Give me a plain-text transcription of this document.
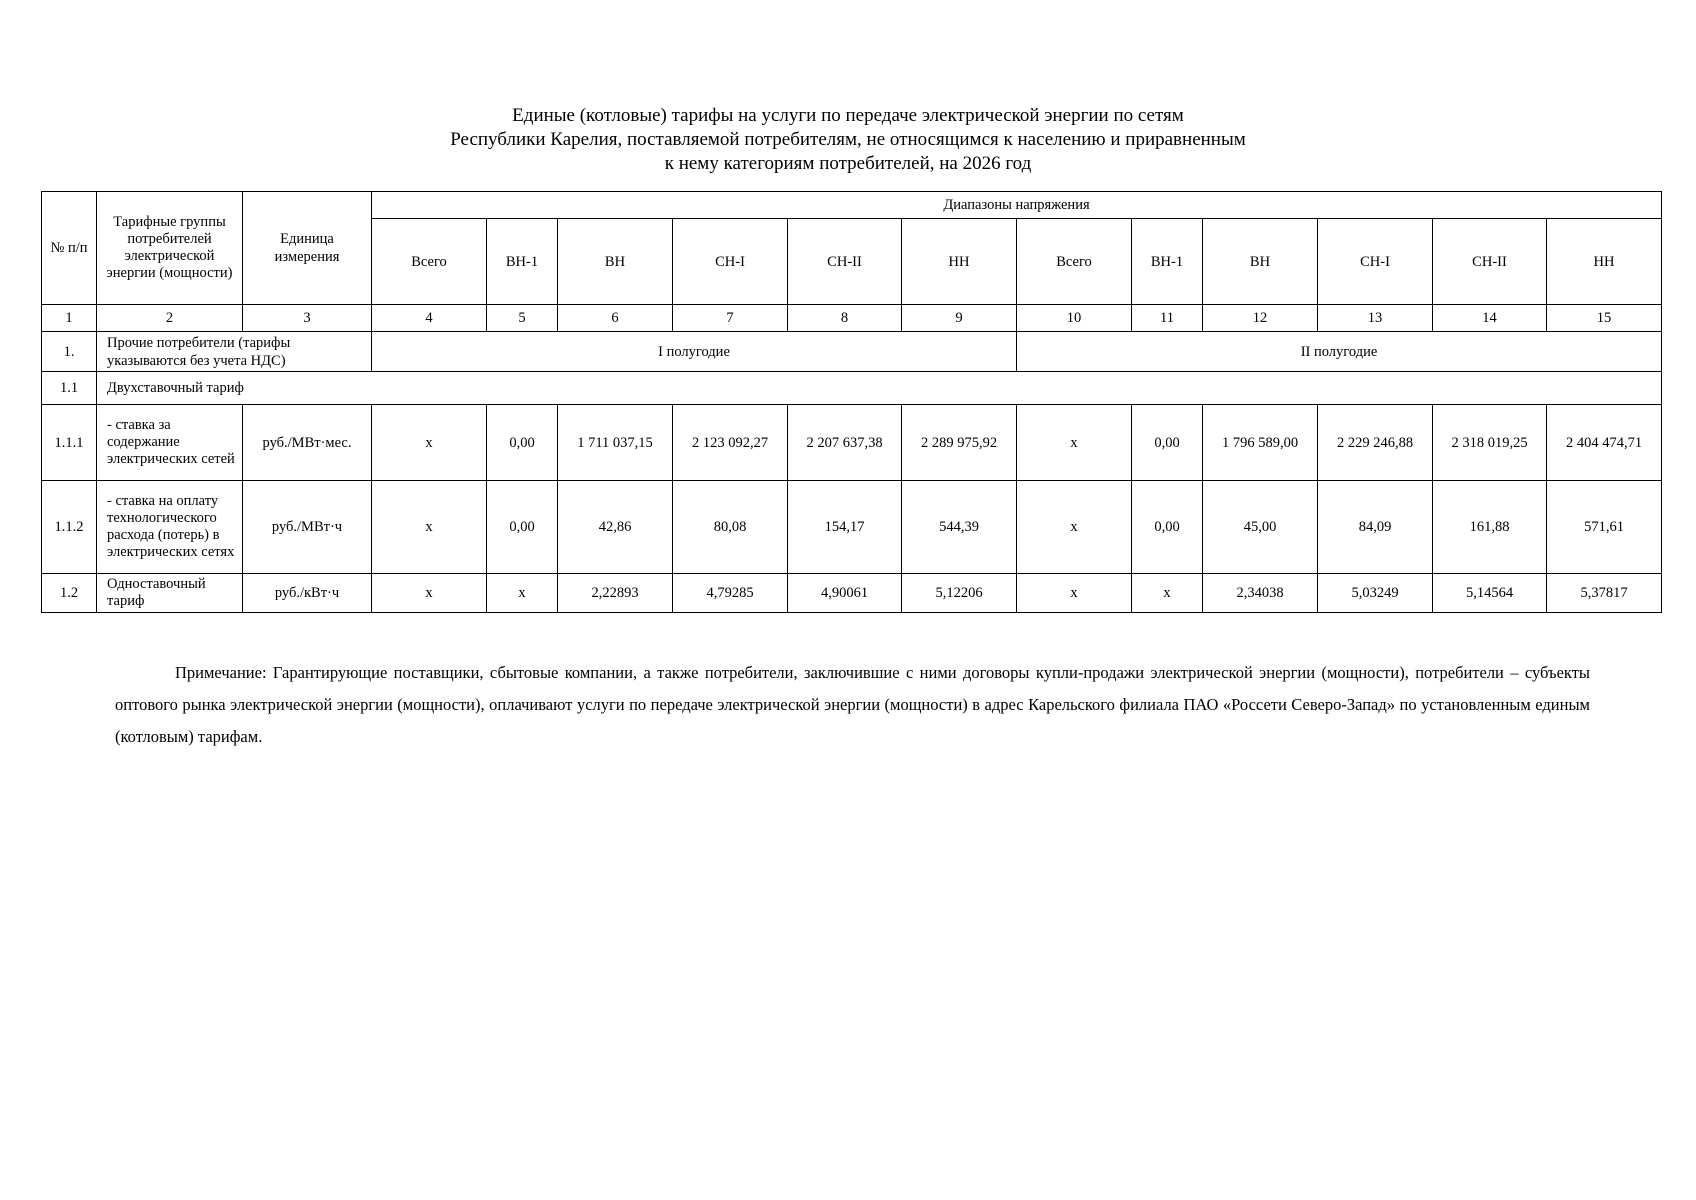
Единые (котловые) тарифы на услуги по передаче электрической энергии по сетям
Республики Карелия, поставляемой потребителям, не относящимся к населению и приравненным
к нему категориям потребителей, на 2026 год
№ п/п	Тарифные группы потребителей электрической энергии (мощности)	Единица измерения	Диапазоны напряжения											
			Всего	ВН-1	ВН	СН-I	СН-II	НН	Всего	ВН-1	ВН	СН-I	СН-II	НН
1	2	3	4	5	6	7	8	9	10	11	12	13	14	15
1.	Прочие потребители (тарифы указываются без учета НДС)		I полугодие						II полугодие					
1.1	Двухставочный тариф													
1.1.1	- ставка за содержание электрических сетей	руб./МВт·мес.	х	0,00	1 711 037,15	2 123 092,27	2 207 637,38	2 289 975,92	х	0,00	1 796 589,00	2 229 246,88	2 318 019,25	2 404 474,71
1.1.2	- ставка на оплату технологического расхода (потерь) в электрических сетях	руб./МВт·ч	х	0,00	42,86	80,08	154,17	544,39	х	0,00	45,00	84,09	161,88	571,61
1.2	Одноставочный тариф	руб./кВт·ч	х	х	2,22893	4,79285	4,90061	5,12206	х	х	2,34038	5,03249	5,14564	5,37817
Примечание: Гарантирующие поставщики, сбытовые компании, а также потребители, заключившие с ними договоры купли-продажи электрической энергии (мощности), потребители – субъекты оптового рынка электрической энергии (мощности), оплачивают услуги по передаче электрической энергии (мощности) в адрес Карельского филиала ПАО «Россети Северо-Запад» по установленным единым (котловым) тарифам.
